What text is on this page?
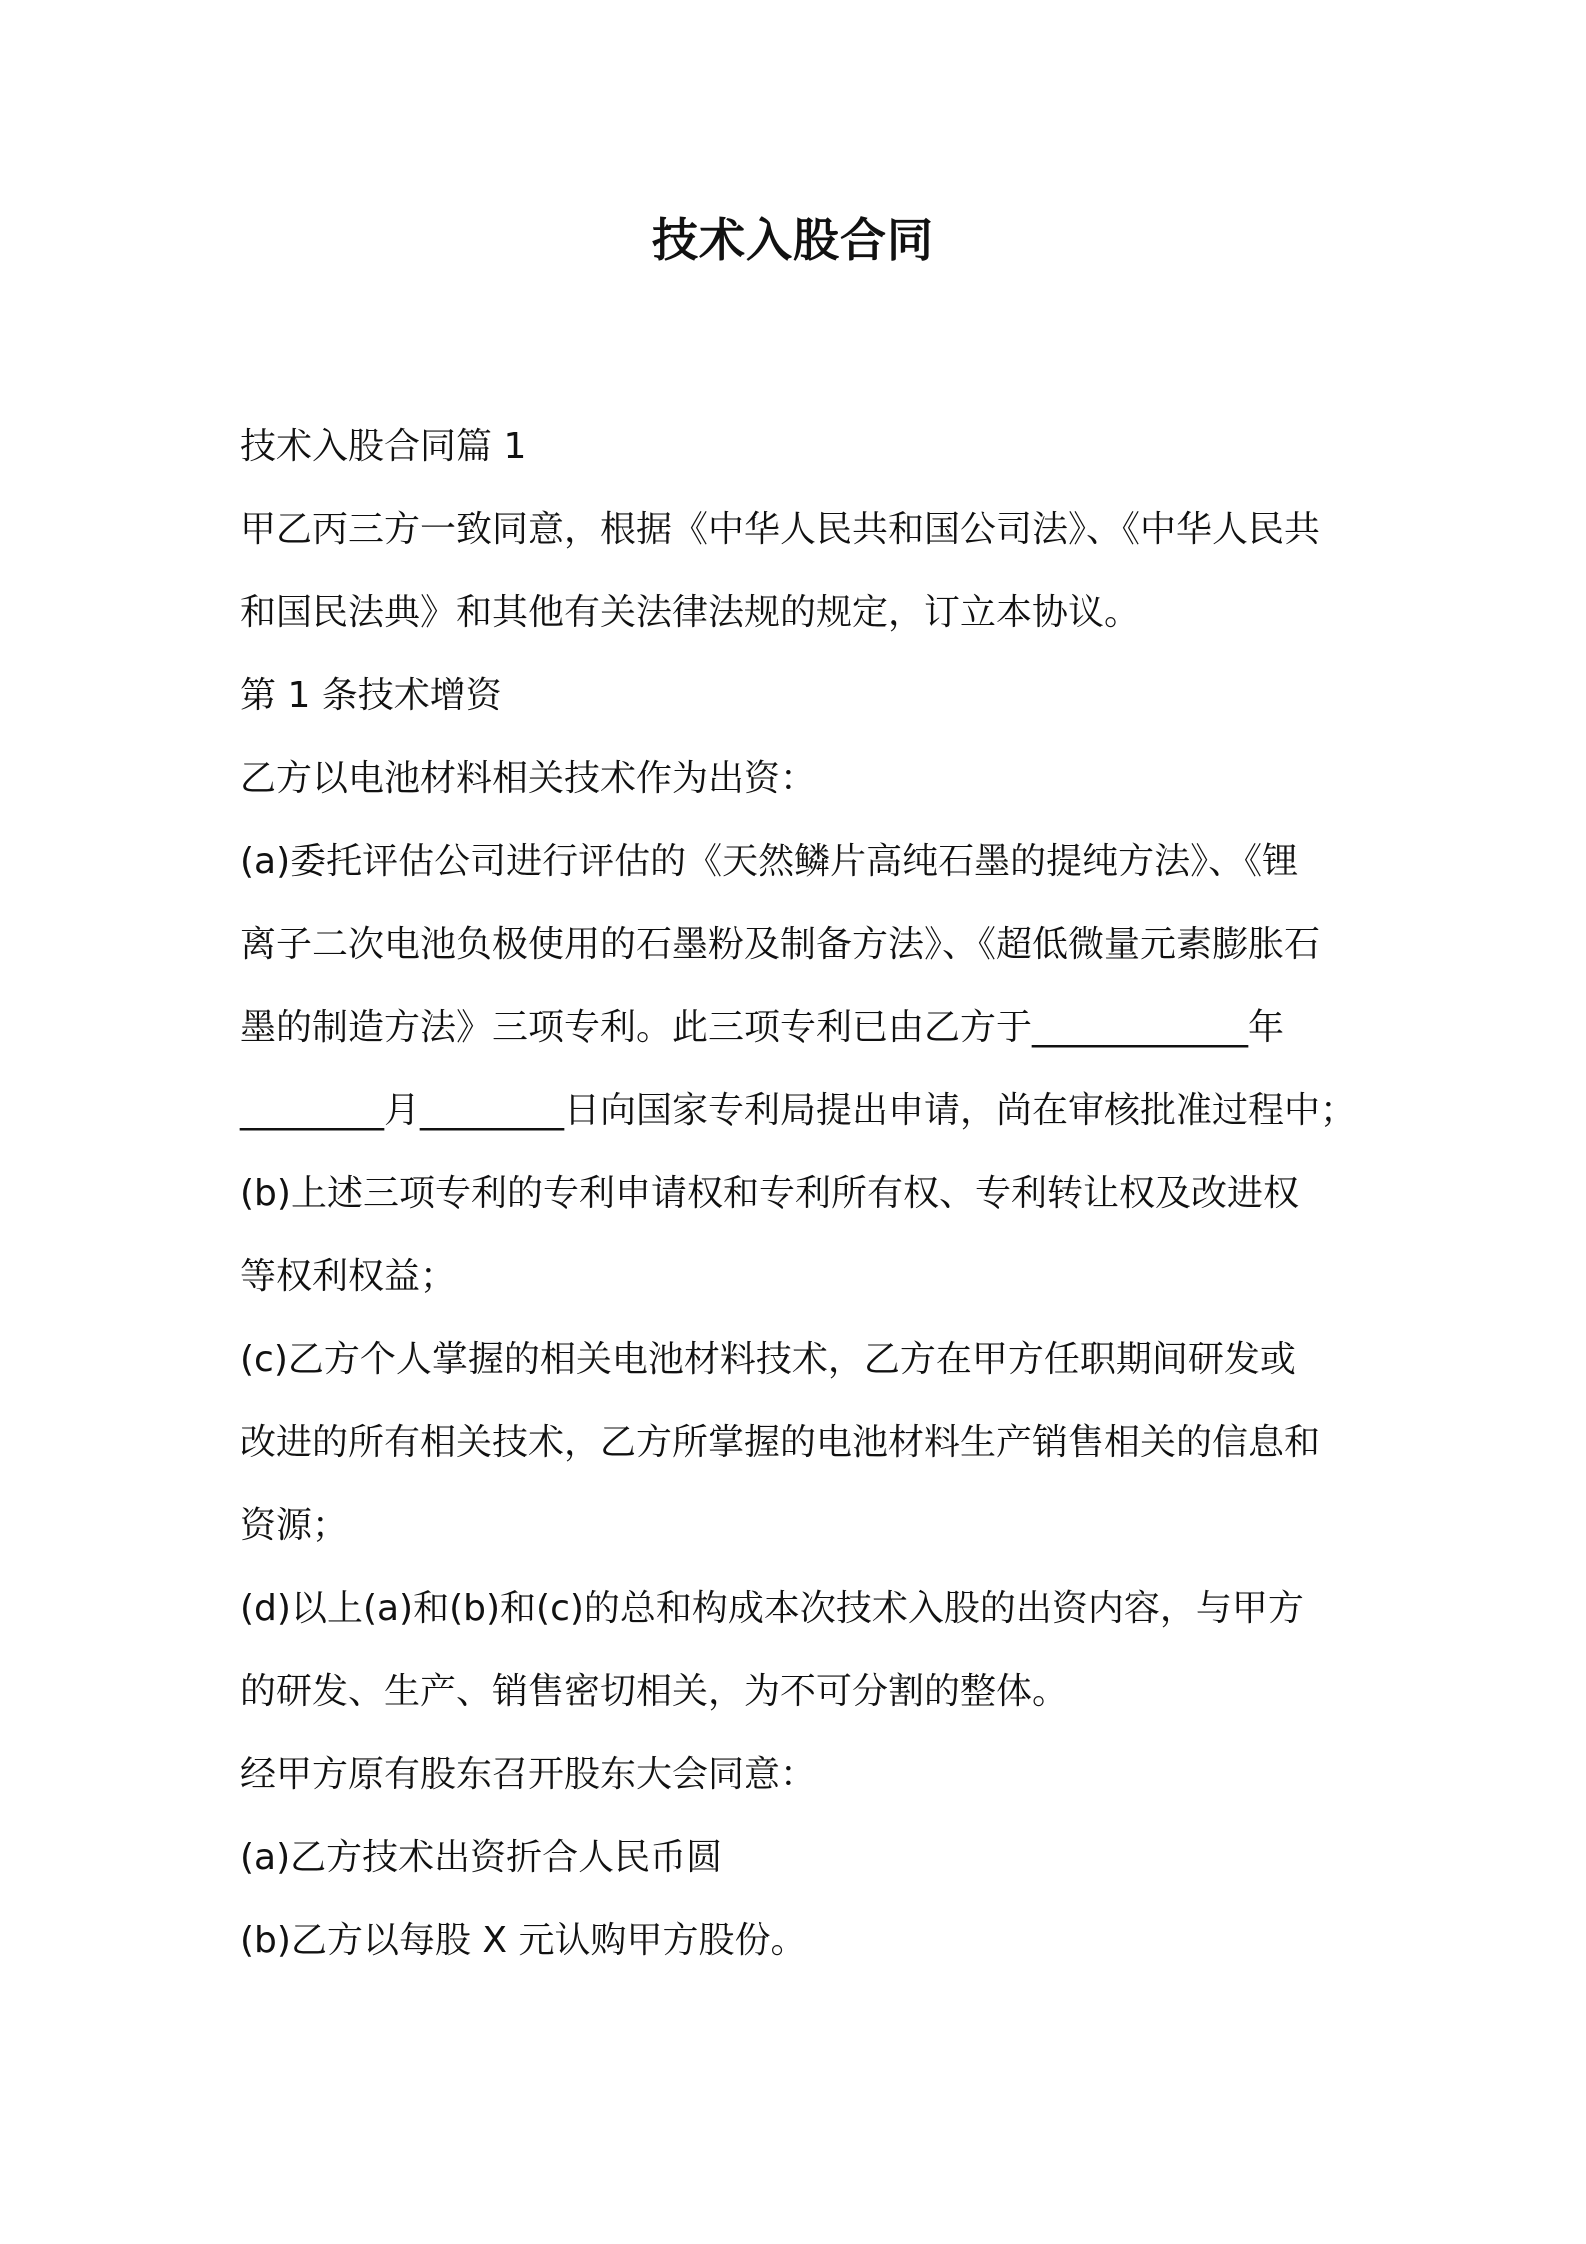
技术入股合同

技术入股合同篇 1

甲乙丙三方一致同意，根据《中华人民共和国公司法》、《中华人民共

和国民法典》和其他有关法律法规的规定，订立本协议。

第 1 条技术增资

乙方以电池材料相关技术作为出资：

(a)委托评估公司进行评估的《天然鳞片高纯石墨的提纯方法》、《锂

离子二次电池负极使用的石墨粉及制备方法》、《超低微量元素膨胀石

墨的制造方法》三项专利。此三项专利已由乙方于____________年

________月________日向国家专利局提出申请，尚在审核批准过程中；

(b)上述三项专利的专利申请权和专利所有权、专利转让权及改进权

等权利权益；

(c)乙方个人掌握的相关电池材料技术，乙方在甲方任职期间研发或

改进的所有相关技术，乙方所掌握的电池材料生产销售相关的信息和

资源；

(d)以上(a)和(b)和(c)的总和构成本次技术入股的出资内容，与甲方

的研发、生产、销售密切相关，为不可分割的整体。

经甲方原有股东召开股东大会同意：

(a)乙方技术出资折合人民币圆

(b)乙方以每股 X 元认购甲方股份。
